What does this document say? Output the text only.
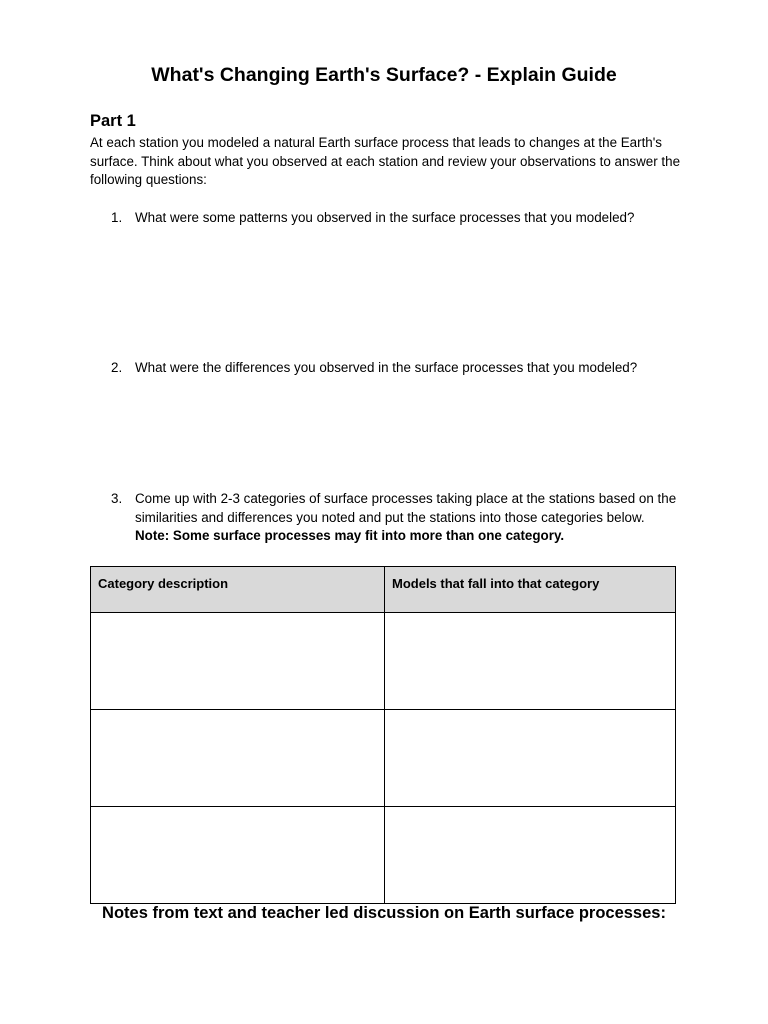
What's Changing Earth's Surface? - Explain Guide
Part 1

At each station you modeled a natural Earth surface process that leads to changes at the Earth's surface. Think about what you observed at each station and review your observations to answer the following questions:

1. What were some patterns you observed in the surface processes that you modeled?
2. What were the differences you observed in the surface processes that you modeled?
3. Come up with 2-3 categories of surface processes taking place at the stations based on the similarities and differences you noted and put the stations into those categories below. Note: Some surface processes may fit into more than one category.
Category description	Models that fall into that category

Notes from text and teacher led discussion on Earth surface processes:
